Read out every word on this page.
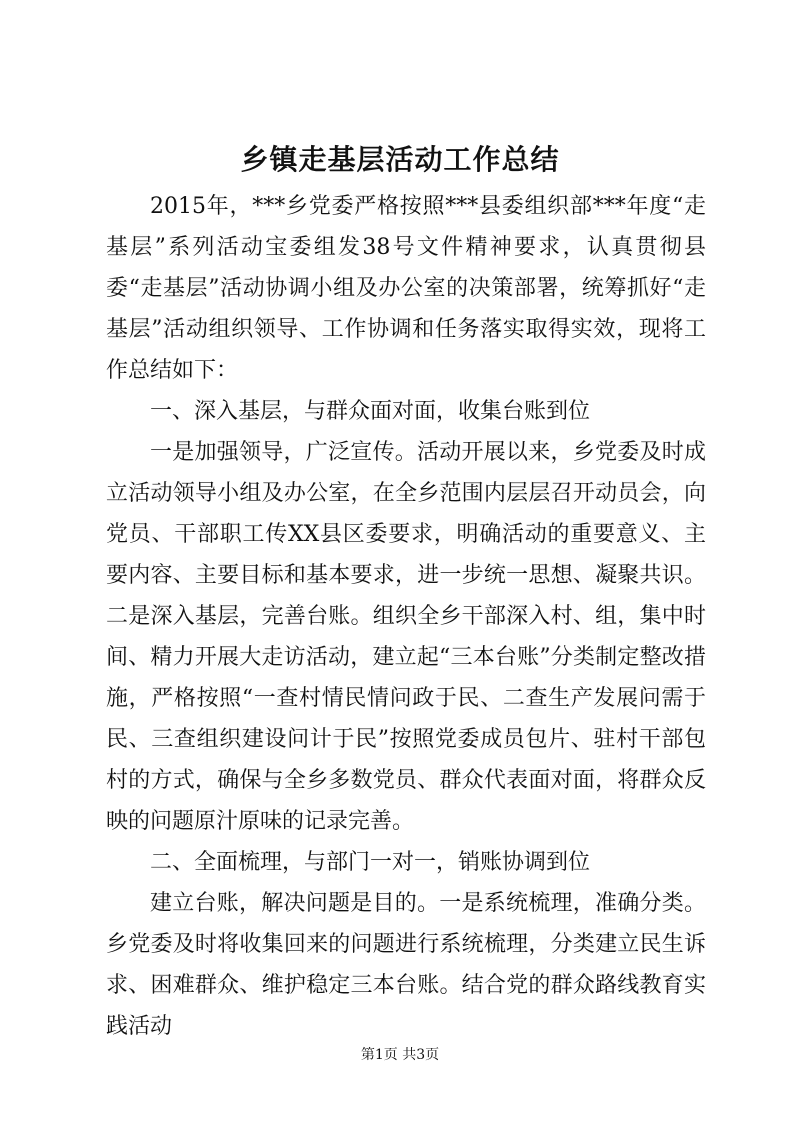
乡镇走基层活动工作总结

2015年，***乡党委严格按照***县委组织部***年度“走基层”系列活动宝委组发38号文件精神要求，认真贯彻县委“走基层”活动协调小组及办公室的决策部署，统筹抓好“走基层”活动组织领导、工作协调和任务落实取得实效，现将工作总结如下：

一、深入基层，与群众面对面，收集台账到位

一是加强领导，广泛宣传。活动开展以来，乡党委及时成立活动领导小组及办公室，在全乡范围内层层召开动员会，向党员、干部职工传XX县区委要求，明确活动的重要意义、主要内容、主要目标和基本要求，进一步统一思想、凝聚共识。二是深入基层，完善台账。组织全乡干部深入村、组，集中时间、精力开展大走访活动，建立起“三本台账”分类制定整改措施，严格按照“一查村情民情问政于民、二查生产发展问需于民、三查组织建设问计于民”按照党委成员包片、驻村干部包村的方式，确保与全乡多数党员、群众代表面对面，将群众反映的问题原汁原味的记录完善。

二、全面梳理，与部门一对一，销账协调到位

建立台账，解决问题是目的。一是系统梳理，准确分类。乡党委及时将收集回来的问题进行系统梳理，分类建立民生诉求、困难群众、维护稳定三本台账。结合党的群众路线教育实践活动

第1页 共3页
